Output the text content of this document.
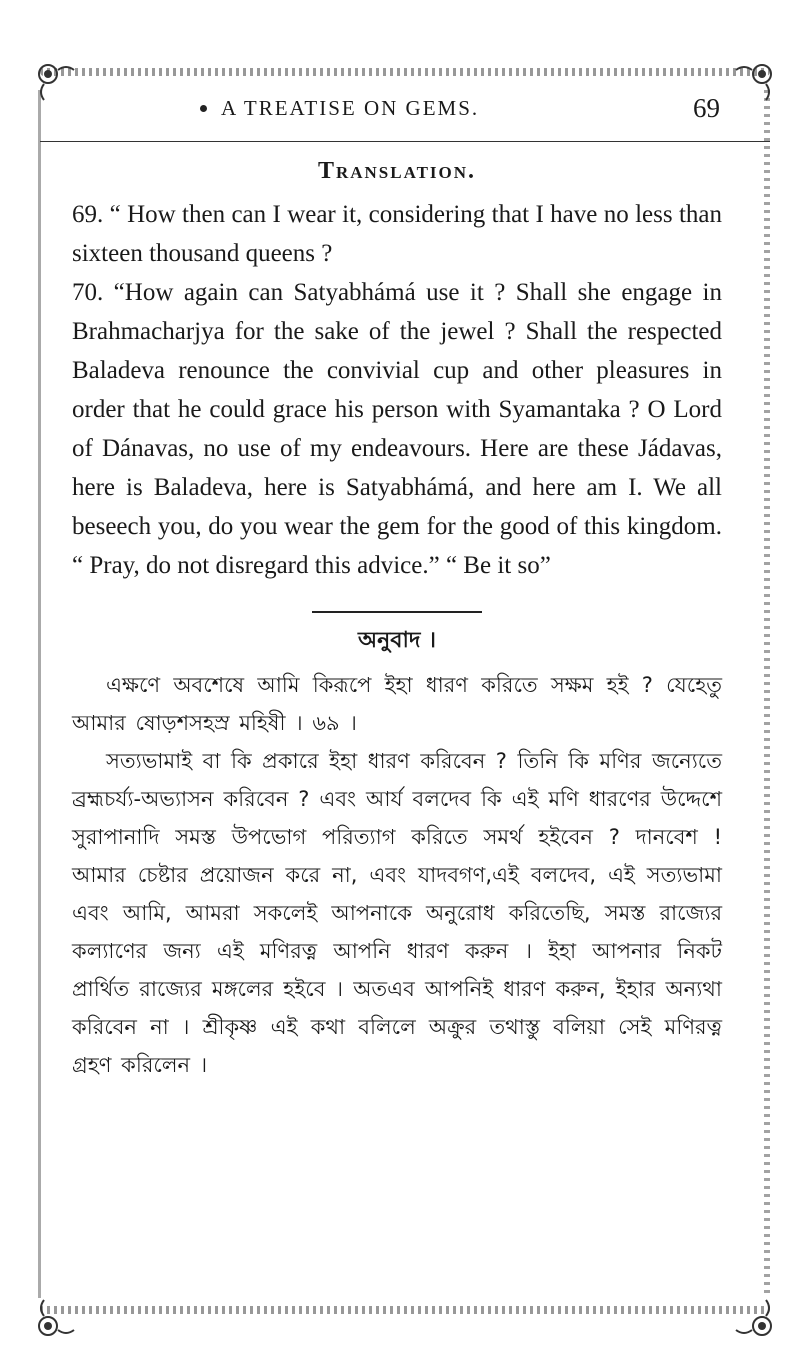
A TREATISE ON GEMS.	69
Translation.

69. “ How then can I wear it, considering that I have no less than sixteen thousand queens ?

70. “How again can Satyabhámá use it ? Shall she engage in Brahmacharjya for the sake of the jewel ? Shall the respected Baladeva renounce the convivial cup and other pleasures in order that he could grace his person with Syamantaka ? O Lord of Dánavas, no use of my endeavours. Here are these Jádavas, here is Baladeva, here is Satyabhámá, and here am I. We all beseech you, do you wear the gem for the good of this kingdom. “ Pray, do not disregard this advice.” “ Be it so”

অনুবাদ ।

এক্ষণে অবশেষে আমি কিরূপে ইহা ধারণ করিতে সক্ষম হই ? যেহেতু আমার ষোড়শসহস্র মহিষী । ৬৯ ।

সত্যভামাই বা কি প্রকারে ইহা ধারণ করিবেন ? তিনি কি মণির জন্যেতে ব্রহ্মচর্য্য-অভ্যাসন করিবেন ? এবং আর্য বলদেব কি এই মণি ধারণের উদ্দেশে সুরাপানাদি সমস্ত উপভোগ পরিত্যাগ করিতে সমর্থ হইবেন ? দানবেশ ! আমার চেষ্টার প্রয়োজন করে না, এবং যাদবগণ,এই বলদেব, এই সত্যভামা এবং আমি, আমরা সকলেই আপনাকে অনুরোধ করিতেছি, সমস্ত রাজ্যের কল্যাণের জন্য এই মণিরত্ন আপনি ধারণ করুন । ইহা আপনার নিকট প্রার্থিত রাজ্যের মঙ্গলের হইবে । অতএব আপনিই ধারণ করুন, ইহার অন্যথা করিবেন না । শ্রীকৃষ্ণ এই কথা বলিলে অক্রুর তথাস্তু বলিয়া সেই মণিরত্ন গ্রহণ করিলেন ।
